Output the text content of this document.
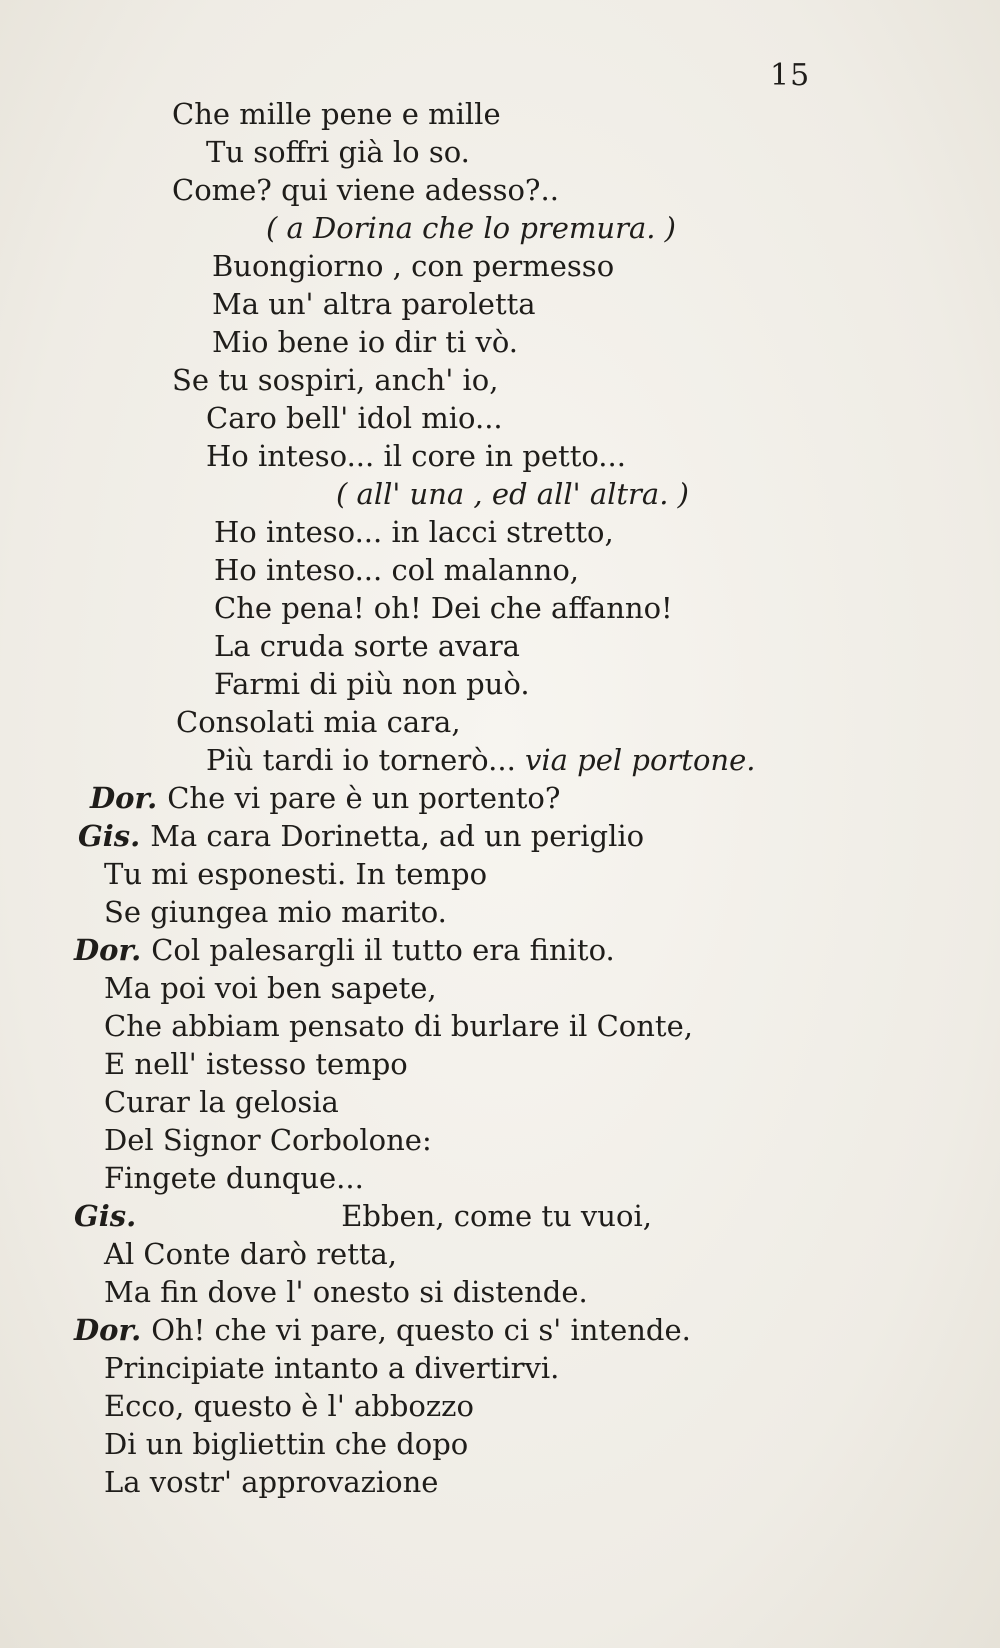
15
Che mille pene e mille
Tu soffri già lo so.
Come? qui viene adesso?..
( a Dorina che lo premura. )
Buongiorno , con permesso
Ma un' altra paroletta
Mio bene io dir ti vò.
Se tu sospiri, anch' io,
Caro bell' idol mio...
Ho inteso... il core in petto...
( all' una , ed all' altra. )
Ho inteso... in lacci stretto,
Ho inteso... col malanno,
Che pena! oh! Dei che affanno!
La cruda sorte avara
Farmi di più non può.
Consolati mia cara,
Più tardi io tornerò... via pel portone.
Dor. Che vi pare è un portento?
Gis. Ma cara Dorinetta, ad un periglio
Tu mi esponesti. In tempo
Se giungea mio marito.
Dor. Col palesargli il tutto era finito.
Ma poi voi ben sapete,
Che abbiam pensato di burlare il Conte,
E nell' istesso tempo
Curar la gelosia
Del Signor Corbolone:
Fingete dunque...
Gis.	Ebben, come tu vuoi,
Al Conte darò retta,
Ma fin dove l' onesto si distende.
Dor. Oh! che vi pare, questo ci s' intende.
Principiate intanto a divertirvi.
Ecco, questo è l' abbozzo
Di un bigliettin che dopo
La vostr' approvazione
